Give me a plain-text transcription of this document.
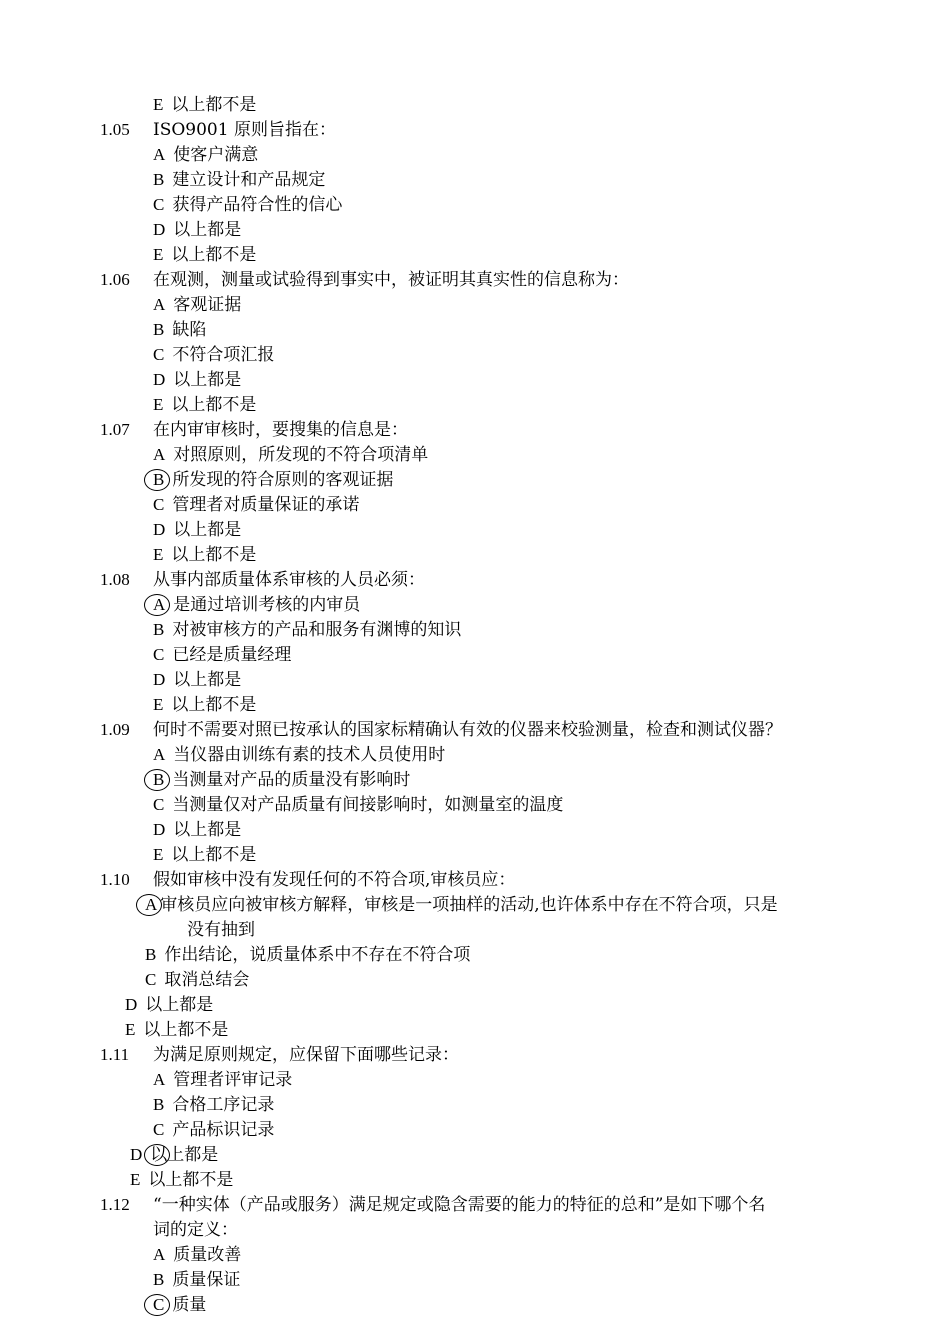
E 以上都不是
1.05 ISO9001 原则旨指在：
A 使客户满意
B 建立设计和产品规定
C 获得产品符合性的信心
D 以上都是
E 以上都不是
1.06 在观测，测量或试验得到事实中，被证明其真实性的信息称为：
A 客观证据
B 缺陷
C 不符合项汇报
D 以上都是
E 以上都不是
1.07 在内审审核时，要搜集的信息是：
A 对照原则，所发现的不符合项清单
B 所发现的符合原则的客观证据
C 管理者对质量保证的承诺
D 以上都是
E 以上都不是
1.08 从事内部质量体系审核的人员必须：
A 是通过培训考核的内审员
B 对被审核方的产品和服务有渊博的知识
C 已经是质量经理
D 以上都是
E 以上都不是
1.09 何时不需要对照已按承认的国家标精确认有效的仪器来校验测量，检查和测试仪器？
A 当仪器由训练有素的技术人员使用时
B 当测量对产品的质量没有影响时
C 当测量仅对产品质量有间接影响时，如测量室的温度
D 以上都是
E 以上都不是
1.10 假如审核中没有发现任何的不符合项,审核员应：
A 审核员应向被审核方解释，审核是一项抽样的活动,也许体系中存在不符合项，只是
没有抽到
B 作出结论，说质量体系中不存在不符合项
C 取消总结会
D 以上都是
E 以上都不是
1.11 为满足原则规定，应保留下面哪些记录：
A 管理者评审记录
B 合格工序记录
C 产品标识记录
D 以上都是
E 以上都不是
1.12 “一种实体（产品或服务）满足规定或隐含需要的能力的特征的总和”是如下哪个名
词的定义：
A 质量改善
B 质量保证
C 质量
